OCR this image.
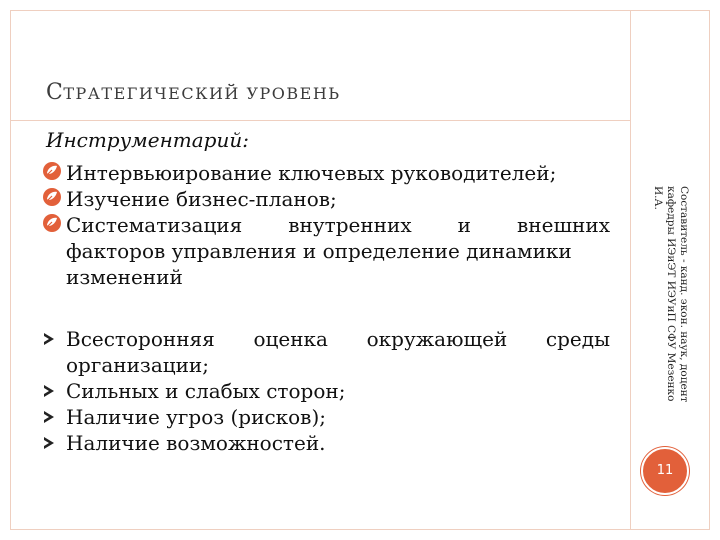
СТРАТЕГИЧЕСКИЙ УРОВЕНЬ
Инструментарий:
Интервьюирование ключевых руководителей;
Изучение бизнес-планов;
Систематизация внутренних и внешних
факторов управления и определение динамики
изменений
Всесторонняя оценка окружающей среды
организации;
Сильных и слабых сторон;
Наличие угроз (рисков);
Наличие возможностей.
Составитель - канд. экон. наук, доцент кафедры ИЭиЭТ ИЭУиП СФУ Мезенко И.А.
11
